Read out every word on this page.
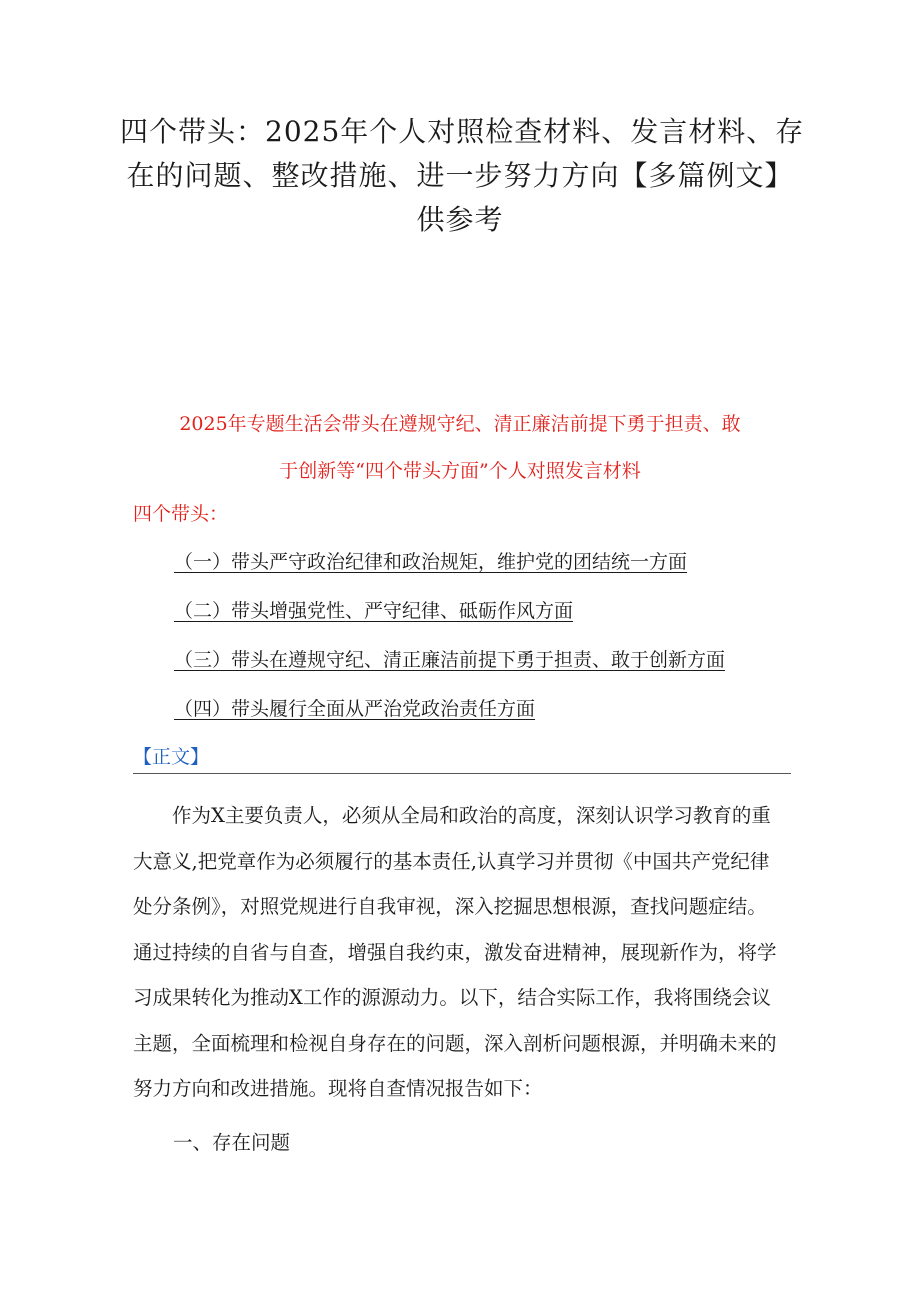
四个带头：2025年个人对照检查材料、发言材料、存
在的问题、整改措施、进一步努力方向【多篇例文】
供参考
2025年专题生活会带头在遵规守纪、清正廉洁前提下勇于担责、敢
于创新等“四个带头方面”个人对照发言材料
四个带头：
（一）带头严守政治纪律和政治规矩，维护党的团结统一方面
（二）带头增强党性、严守纪律、砥砺作风方面
（三）带头在遵规守纪、清正廉洁前提下勇于担责、敢于创新方面
（四）带头履行全面从严治党政治责任方面
【正文】
　　作为X主要负责人，必须从全局和政治的高度，深刻认识学习教育的重
大意义,把党章作为必须履行的基本责任,认真学习并贯彻《中国共产党纪律
处分条例》，对照党规进行自我审视，深入挖掘思想根源，查找问题症结。
通过持续的自省与自查，增强自我约束，激发奋进精神，展现新作为，将学
习成果转化为推动X工作的源源动力。以下，结合实际工作，我将围绕会议
主题，全面梳理和检视自身存在的问题，深入剖析问题根源，并明确未来的
努力方向和改进措施。现将自查情况报告如下：
一、存在问题
